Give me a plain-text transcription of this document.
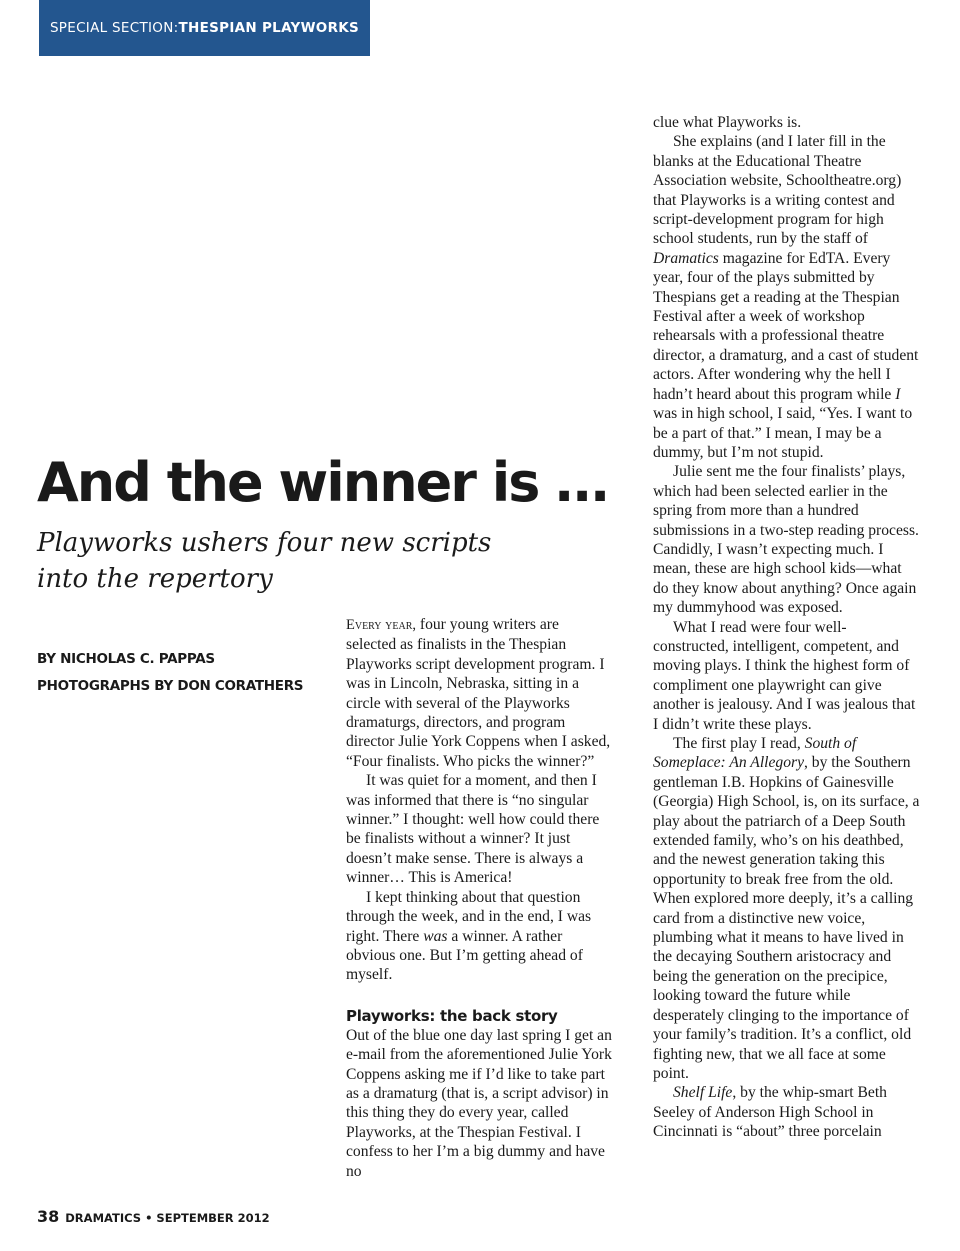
SPECIAL SECTION: THESPIAN PLAYWORKS
And the winner is …
Playworks ushers four new scripts into the repertory
BY NICHOLAS C. PAPPAS
PHOTOGRAPHS BY DON CORATHERS

Every year, four young writers are selected as finalists in the Thespian Playworks script development program. I was in Lincoln, Nebraska, sitting in a circle with several of the Playworks dramaturgs, directors, and program director Julie York Coppens when I asked, “Four finalists. Who picks the winner?”

It was quiet for a moment, and then I was informed that there is “no singular winner.” I thought: well how could there be finalists without a winner? It just doesn’t make sense. There is always a winner… This is America!

I kept thinking about that question through the week, and in the end, I was right. There was a winner. A rather obvious one. But I’m getting ahead of myself.

Playworks: the back story

Out of the blue one day last spring I get an e-mail from the aforementioned Julie York Coppens asking me if I’d like to take part as a dramaturg (that is, a script advisor) in this thing they do every year, called Playworks, at the Thespian Festival. I confess to her I’m a big dummy and have no

clue what Playworks is.

She explains (and I later fill in the blanks at the Educational Theatre Association website, Schooltheatre.org) that Playworks is a writing contest and script-development program for high school students, run by the staff of Dramatics magazine for EdTA. Every year, four of the plays submitted by Thespians get a reading at the Thespian Festival after a week of workshop rehearsals with a professional theatre director, a dramaturg, and a cast of student actors. After wondering why the hell I hadn’t heard about this program while I was in high school, I said, “Yes. I want to be a part of that.” I mean, I may be a dummy, but I’m not stupid.

Julie sent me the four finalists’ plays, which had been selected earlier in the spring from more than a hundred submissions in a two-step reading process. Candidly, I wasn’t expecting much. I mean, these are high school kids—what do they know about anything? Once again my dummyhood was exposed.

What I read were four well-constructed, intelligent, competent, and moving plays. I think the highest form of compliment one playwright can give another is jealousy. And I was jealous that I didn’t write these plays.

The first play I read, South of Someplace: An Allegory, by the Southern gentleman I.B. Hopkins of Gainesville (Georgia) High School, is, on its surface, a play about the patriarch of a Deep South extended family, who’s on his deathbed, and the newest generation taking this opportunity to break free from the old. When explored more deeply, it’s a calling card from a distinctive new voice, plumbing what it means to have lived in the decaying Southern aristocracy and being the generation on the precipice, looking toward the future while desperately clinging to the importance of your family’s tradition. It’s a conflict, old fighting new, that we all face at some point.

Shelf Life, by the whip-smart Beth Seeley of Anderson High School in Cincinnati is “about” three porcelain

38 DRAMATICS • SEPTEMBER 2012
